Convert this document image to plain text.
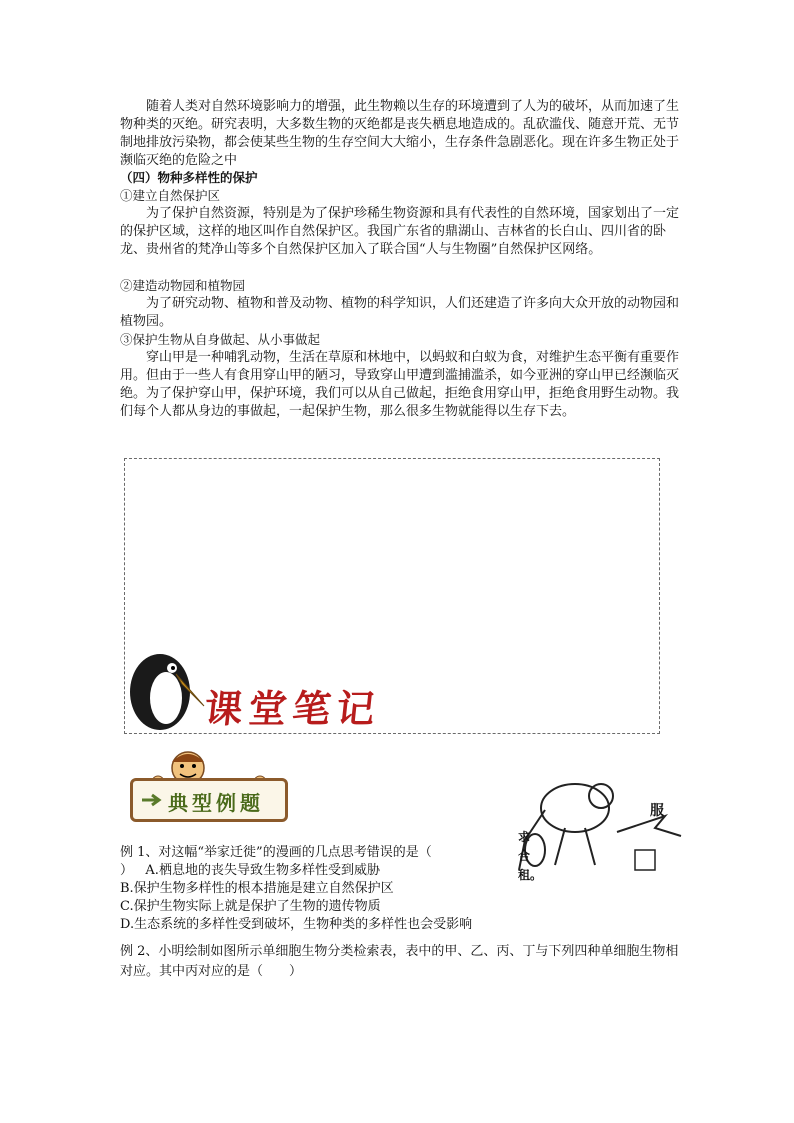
随着人类对自然环境影响力的增强，此生物赖以生存的环境遭到了人为的破坏，从而加速了生物种类的灭绝。研究表明，大多数生物的灭绝都是丧失栖息地造成的。乱砍滥伐、随意开荒、无节制地排放污染物，都会使某些生物的生存空间大大缩小，生存条件急剧恶化。现在许多生物正处于濒临灭绝的危险之中

（四）物种多样性的保护
①建立自然保护区

为了保护自然资源，特别是为了保护珍稀生物资源和具有代表性的自然环境，国家划出了一定的保护区域，这样的地区叫作自然保护区。我国广东省的鼎湖山、吉林省的长白山、四川省的卧龙、贵州省的梵净山等多个自然保护区加入了联合国“人与生物圈”自然保护区网络。

②建造动物园和植物园

为了研究动物、植物和普及动物、植物的科学知识，人们还建造了许多向大众开放的动物园和植物园。

③保护生物从自身做起、从小事做起

穿山甲是一种哺乳动物，生活在草原和林地中，以蚂蚁和白蚁为食，对维护生态平衡有重要作用。但由于一些人有食用穿山甲的陋习，导致穿山甲遭到滥捕滥杀，如今亚洲的穿山甲已经濒临灭绝。为了保护穿山甲，保护环境，我们可以从自己做起，拒绝食用穿山甲，拒绝食用野生动物。我们每个人都从身边的事做起，一起保护生物，那么很多生物就能得以生存下去。

课堂笔记
典型例题
求
合
租。
服
例 1、对这幅“举家迁徙”的漫画的几点思考错误的是（
） A.栖息地的丧失导致生物多样性受到威胁
B.保护生物多样性的根本措施是建立自然保护区
C.保护生物实际上就是保护了生物的遗传物质
D.生态系统的多样性受到破坏，生物种类的多样性也会受影响

例 2、小明绘制如图所示单细胞生物分类检索表，表中的甲、乙、丙、丁与下列四种单细胞生物相对应。其中丙对应的是（　　）
